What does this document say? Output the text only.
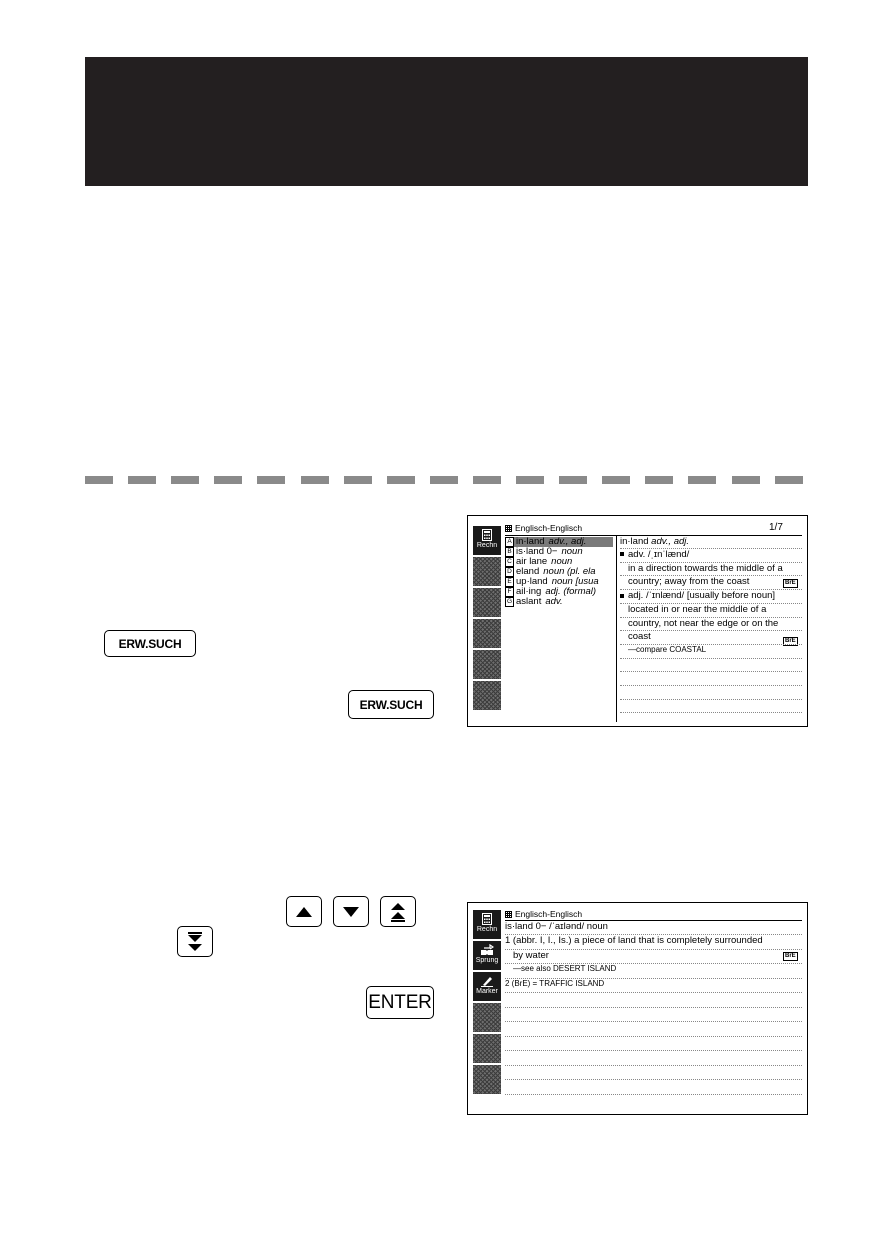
ERW.SUCH
ERW.SUCH
ENTER
Rechn
Englisch-Englisch	1/7
A in·land adv., adj.
B is·land 0− noun
C air lane noun
D eland noun (pl. ela
E up·land noun [usua
F ail·ing adj. (formal)
G aslant adv.
in·land adv., adj.
BrE
BrE
adv. /ˌɪnˈlænd/
in a direction towards the middle of a
country; away from the coast
adj. /ˈɪnlænd/ [usually before noun]
located in or near the middle of a
country, not near the edge or on the
coast
—compare COASTAL
Rechn
Sprung
Marker
Englisch-Englisch
is·land 0− /ˈaɪlənd/ noun
BrE
1 (abbr. I, I., Is.) a piece of land that is completely surrounded
by water
—see also DESERT ISLAND
2 (BrE) = TRAFFIC ISLAND
